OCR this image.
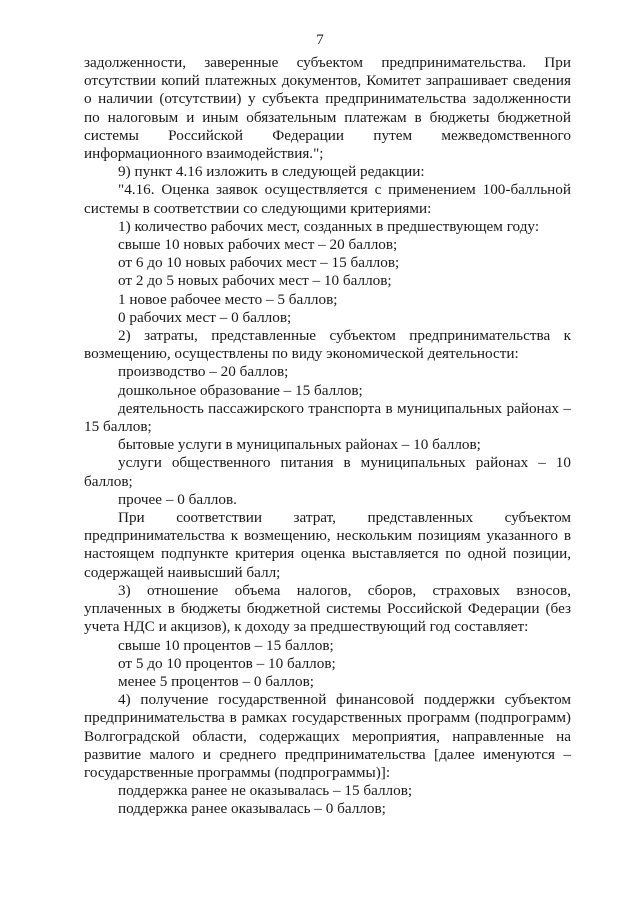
7

задолженности, заверенные субъектом предпринимательства. При отсутствии копий платежных документов, Комитет запрашивает сведения о наличии (отсутствии) у субъекта предпринимательства задолженности по налоговым и иным обязательным платежам в бюджеты бюджетной системы Российской Федерации путем межведомственного информационного взаимодействия.";

9) пункт 4.16 изложить в следующей редакции:

"4.16. Оценка заявок осуществляется с применением 100-балльной системы в соответствии со следующими критериями:

1) количество рабочих мест, созданных в предшествующем году:

свыше 10 новых рабочих мест – 20 баллов;

от 6 до 10 новых рабочих мест – 15 баллов;

от 2 до 5 новых рабочих мест – 10 баллов;

1 новое рабочее место – 5 баллов;

0 рабочих мест – 0 баллов;

2) затраты, представленные субъектом предпринимательства к возмещению, осуществлены по виду экономической деятельности:

производство – 20 баллов;

дошкольное образование – 15 баллов;

деятельность пассажирского транспорта в муниципальных районах – 15 баллов;

бытовые услуги в муниципальных районах – 10 баллов;

услуги общественного питания в муниципальных районах – 10 баллов;

прочее – 0 баллов.

При соответствии затрат, представленных субъектом предпринимательства к возмещению, нескольким позициям указанного в настоящем подпункте критерия оценка выставляется по одной позиции, содержащей наивысший балл;

3) отношение объема налогов, сборов, страховых взносов, уплаченных в бюджеты бюджетной системы Российской Федерации (без учета НДС и акцизов), к доходу за предшествующий год составляет:

свыше 10 процентов – 15 баллов;

от 5 до 10 процентов – 10 баллов;

менее 5 процентов – 0 баллов;

4) получение государственной финансовой поддержки субъектом предпринимательства в рамках государственных программ (подпрограмм) Волгоградской области, содержащих мероприятия, направленные на развитие малого и среднего предпринимательства [далее именуются – государственные программы (подпрограммы)]:

поддержка ранее не оказывалась – 15 баллов;

поддержка ранее оказывалась – 0 баллов;
